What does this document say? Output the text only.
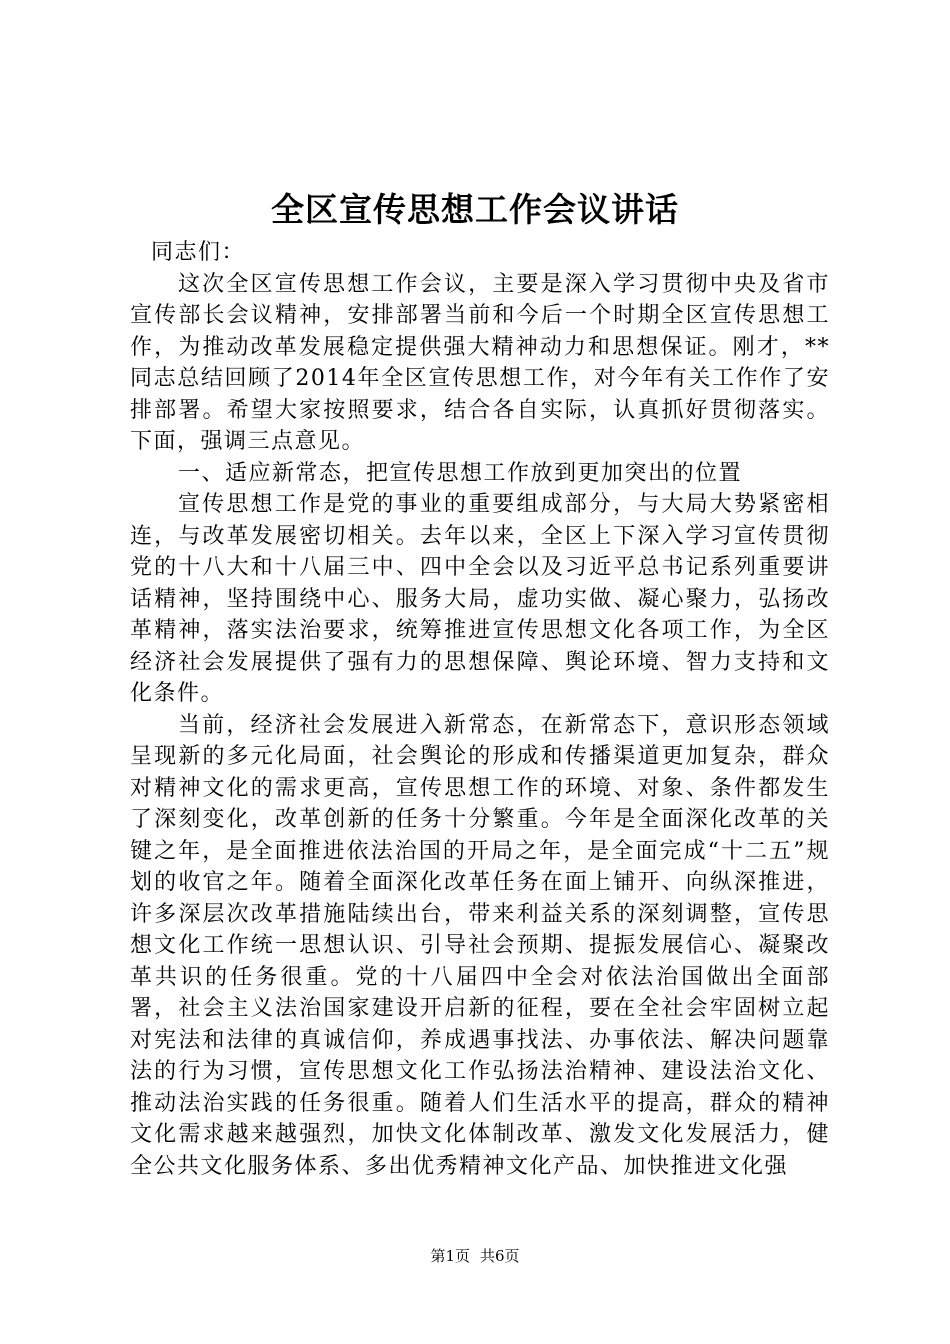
全区宣传思想工作会议讲话

同志们：

这次全区宣传思想工作会议，主要是深入学习贯彻中央及省市宣传部长会议精神，安排部署当前和今后一个时期全区宣传思想工作，为推动改革发展稳定提供强大精神动力和思想保证。刚才，**同志总结回顾了2014年全区宣传思想工作，对今年有关工作作了安排部署。希望大家按照要求，结合各自实际，认真抓好贯彻落实。下面，强调三点意见。

一、适应新常态，把宣传思想工作放到更加突出的位置

宣传思想工作是党的事业的重要组成部分，与大局大势紧密相连，与改革发展密切相关。去年以来，全区上下深入学习宣传贯彻党的十八大和十八届三中、四中全会以及习近平总书记系列重要讲话精神，坚持围绕中心、服务大局，虚功实做、凝心聚力，弘扬改革精神，落实法治要求，统筹推进宣传思想文化各项工作，为全区经济社会发展提供了强有力的思想保障、舆论环境、智力支持和文化条件。

当前，经济社会发展进入新常态，在新常态下，意识形态领域呈现新的多元化局面，社会舆论的形成和传播渠道更加复杂，群众对精神文化的需求更高，宣传思想工作的环境、对象、条件都发生了深刻变化，改革创新的任务十分繁重。今年是全面深化改革的关键之年，是全面推进依法治国的开局之年，是全面完成“十二五”规划的收官之年。随着全面深化改革任务在面上铺开、向纵深推进，许多深层次改革措施陆续出台，带来利益关系的深刻调整，宣传思想文化工作统一思想认识、引导社会预期、提振发展信心、凝聚改革共识的任务很重。党的十八届四中全会对依法治国做出全面部署，社会主义法治国家建设开启新的征程，要在全社会牢固树立起对宪法和法律的真诚信仰，养成遇事找法、办事依法、解决问题靠法的行为习惯，宣传思想文化工作弘扬法治精神、建设法治文化、推动法治实践的任务很重。随着人们生活水平的提高，群众的精神文化需求越来越强烈，加快文化体制改革、激发文化发展活力，健全公共文化服务体系、多出优秀精神文化产品、加快推进文化强

第1页 共6页
